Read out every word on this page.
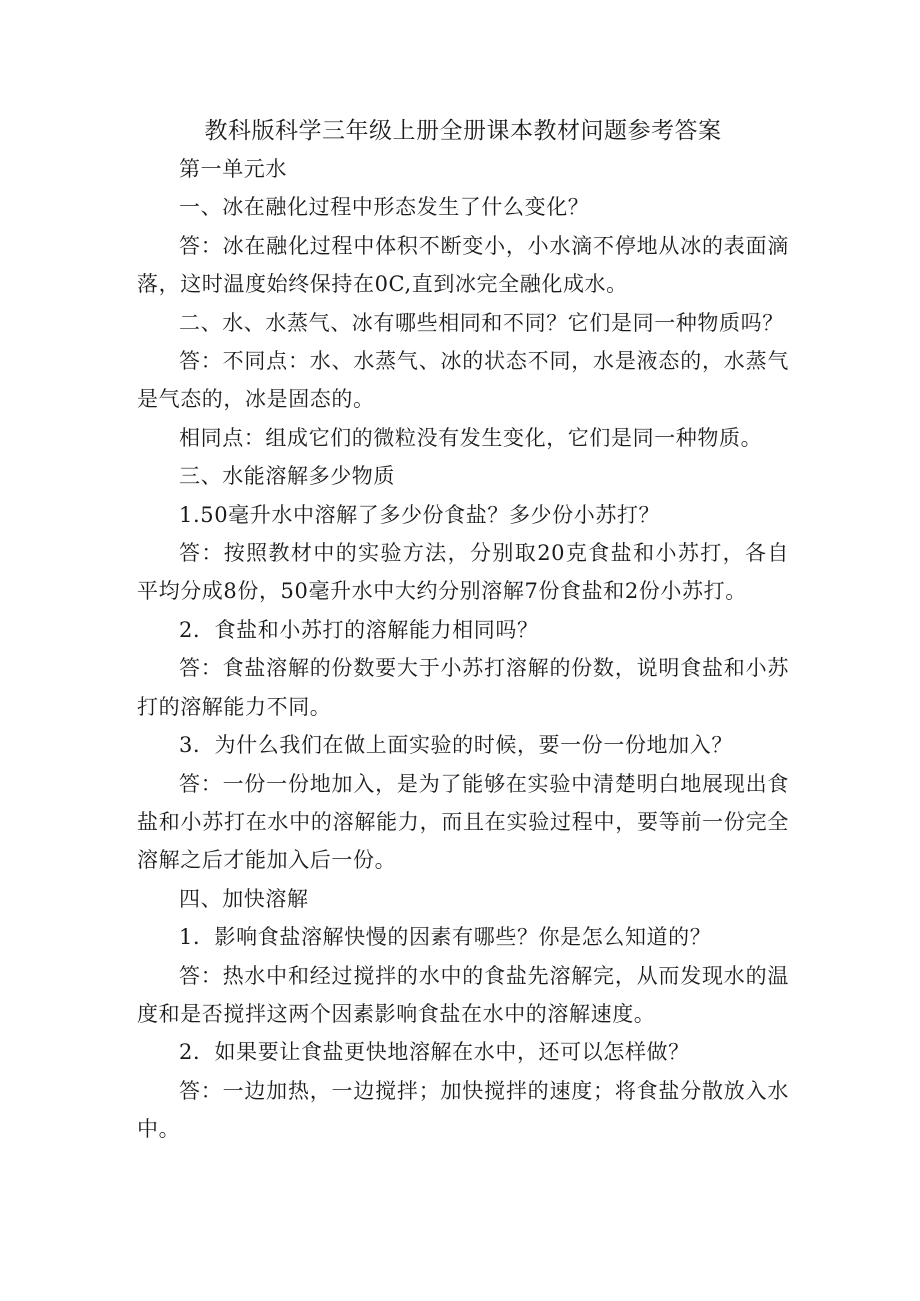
教科版科学三年级上册全册课本教材问题参考答案

第一单元水

一、冰在融化过程中形态发生了什么变化？

答：冰在融化过程中体积不断变小，小水滴不停地从冰的表面滴落，这时温度始终保持在0C,直到冰完全融化成水。

二、水、水蒸气、冰有哪些相同和不同？它们是同一种物质吗？

答：不同点：水、水蒸气、冰的状态不同，水是液态的，水蒸气是气态的，冰是固态的。

相同点：组成它们的微粒没有发生变化，它们是同一种物质。

三、水能溶解多少物质

1.50毫升水中溶解了多少份食盐？多少份小苏打？

答：按照教材中的实验方法，分别取20克食盐和小苏打，各自平均分成8份，50毫升水中大约分别溶解7份食盐和2份小苏打。

2．食盐和小苏打的溶解能力相同吗？

答：食盐溶解的份数要大于小苏打溶解的份数，说明食盐和小苏打的溶解能力不同。

3．为什么我们在做上面实验的时候，要一份一份地加入？

答：一份一份地加入，是为了能够在实验中清楚明白地展现出食盐和小苏打在水中的溶解能力，而且在实验过程中，要等前一份完全溶解之后才能加入后一份。

四、加快溶解

1．影响食盐溶解快慢的因素有哪些？你是怎么知道的？

答：热水中和经过搅拌的水中的食盐先溶解完，从而发现水的温度和是否搅拌这两个因素影响食盐在水中的溶解速度。

2．如果要让食盐更快地溶解在水中，还可以怎样做？

答：一边加热，一边搅拌；加快搅拌的速度；将食盐分散放入水中。
